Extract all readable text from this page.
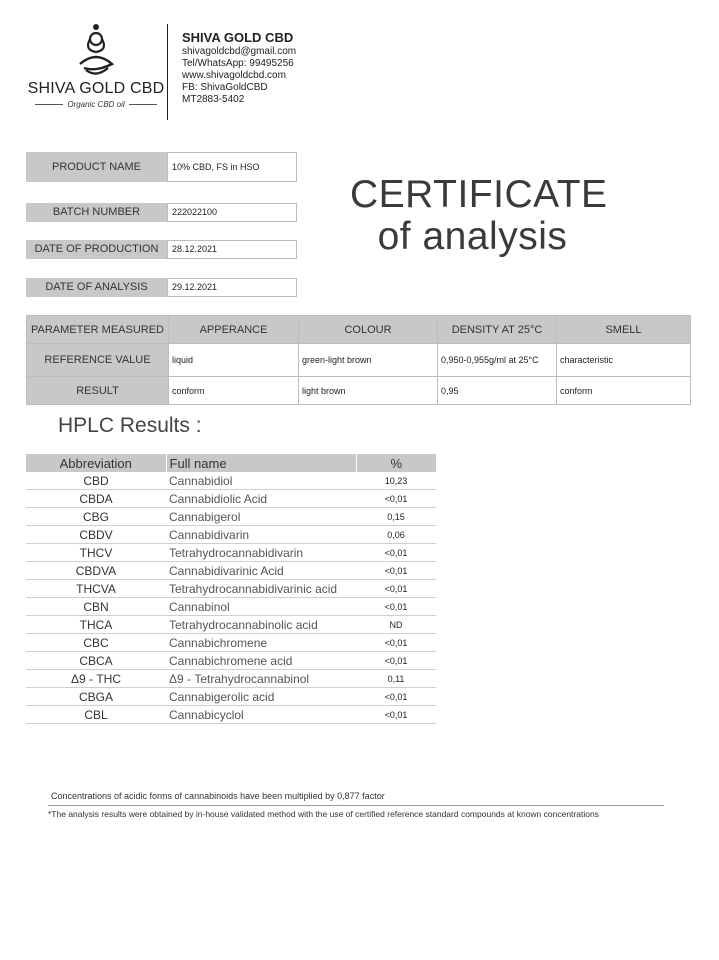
SHIVA GOLD CBD
Organic CBD oil
SHIVA GOLD CBD
shivagoldcbd@gmail.com
Tel/WhatsApp: 99495256
www.shivagoldcbd.com
FB: ShivaGoldCBD
MT2883-5402
PRODUCT NAME	10% CBD, FS in HSO
BATCH NUMBER	222022100
DATE OF PRODUCTION	28.12.2021
DATE OF ANALYSIS	29.12.2021
CERTIFICATE
of analysis
PARAMETER MEASURED	APPERANCE	COLOUR	DENSITY AT 25°C	SMELL
REFERENCE VALUE	liquid	green-light brown	0,950-0,955g/ml at 25°C	characteristic
RESULT	conform	light brown	0,95	conform
HPLC Results :
Abbreviation	Full name	%
CBD	Cannabidiol	10,23
CBDA	Cannabidiolic Acid	<0,01
CBG	Cannabigerol	0,15
CBDV	Cannabidivarin	0,06
THCV	Tetrahydrocannabidivarin	<0,01
CBDVA	Cannabidivarinic Acid	<0,01
THCVA	Tetrahydrocannabidivarinic acid	<0,01
CBN	Cannabinol	<0,01
THCA	Tetrahydrocannabinolic acid	ND
CBC	Cannabichromene	<0,01
CBCA	Cannabichromene acid	<0,01
Δ9 - THC	Δ9 - Tetrahydrocannabinol	0,11
CBGA	Cannabigerolic acid	<0,01
CBL	Cannabicyclol	<0,01
Concentrations of acidic forms of cannabinoids have been multiplied by 0,877 factor
*The analysis results were obtained by in-house validated method with the use of certified reference standard compounds at known concentrations
